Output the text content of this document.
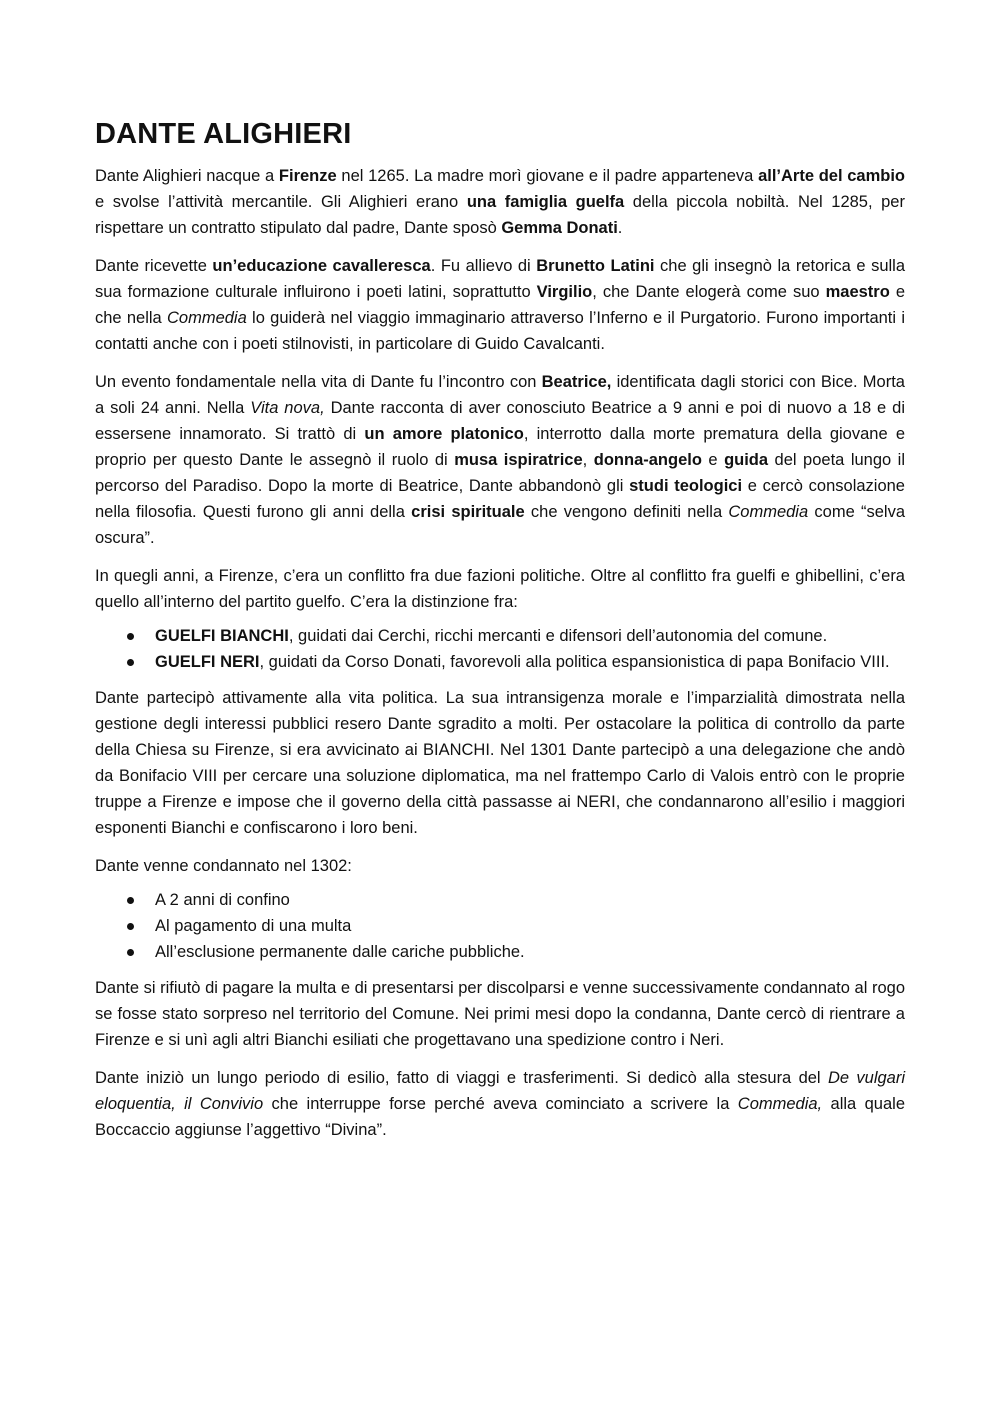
DANTE ALIGHIERI

Dante Alighieri nacque a Firenze nel 1265. La madre morì giovane e il padre apparteneva all’Arte del cambio e svolse l’attività mercantile. Gli Alighieri erano una famiglia guelfa della piccola nobiltà. Nel 1285, per rispettare un contratto stipulato dal padre, Dante sposò Gemma Donati.

Dante ricevette un’educazione cavalleresca. Fu allievo di Brunetto Latini che gli insegnò la retorica e sulla sua formazione culturale influirono i poeti latini, soprattutto Virgilio, che Dante elogerà come suo maestro e che nella Commedia lo guiderà nel viaggio immaginario attraverso l’Inferno e il Purgatorio. Furono importanti i contatti anche con i poeti stilnovisti, in particolare di Guido Cavalcanti.

Un evento fondamentale nella vita di Dante fu l’incontro con Beatrice, identificata dagli storici con Bice. Morta a soli 24 anni. Nella Vita nova, Dante racconta di aver conosciuto Beatrice a 9 anni e poi di nuovo a 18 e di essersene innamorato. Si trattò di un amore platonico, interrotto dalla morte prematura della giovane e proprio per questo Dante le assegnò il ruolo di musa ispiratrice, donna-angelo e guida del poeta lungo il percorso del Paradiso. Dopo la morte di Beatrice, Dante abbandonò gli studi teologici e cercò consolazione nella filosofia. Questi furono gli anni della crisi spirituale che vengono definiti nella Commedia come “selva oscura”.

In quegli anni, a Firenze, c’era un conflitto fra due fazioni politiche. Oltre al conflitto fra guelfi e ghibellini, c’era quello all’interno del partito guelfo. C’era la distinzione fra:

GUELFI BIANCHI, guidati dai Cerchi, ricchi mercanti e difensori dell’autonomia del comune.
GUELFI NERI, guidati da Corso Donati, favorevoli alla politica espansionistica di papa Bonifacio VIII.

Dante partecipò attivamente alla vita politica. La sua intransigenza morale e l’imparzialità dimostrata nella gestione degli interessi pubblici resero Dante sgradito a molti. Per ostacolare la politica di controllo da parte della Chiesa su Firenze, si era avvicinato ai BIANCHI. Nel 1301 Dante partecipò a una delegazione che andò da Bonifacio VIII per cercare una soluzione diplomatica, ma nel frattempo Carlo di Valois entrò con le proprie truppe a Firenze e impose che il governo della città passasse ai NERI, che condannarono all’esilio i maggiori esponenti Bianchi e confiscarono i loro beni.

Dante venne condannato nel 1302:

A 2 anni di confino
Al pagamento di una multa
All’esclusione permanente dalle cariche pubbliche.

Dante si rifiutò di pagare la multa e di presentarsi per discolparsi e venne successivamente condannato al rogo se fosse stato sorpreso nel territorio del Comune. Nei primi mesi dopo la condanna, Dante cercò di rientrare a Firenze e si unì agli altri Bianchi esiliati che progettavano una spedizione contro i Neri.

Dante iniziò un lungo periodo di esilio, fatto di viaggi e trasferimenti. Si dedicò alla stesura del De vulgari eloquentia, il Convivio che interruppe forse perché aveva cominciato a scrivere la Commedia, alla quale Boccaccio aggiunse l’aggettivo “Divina”.
